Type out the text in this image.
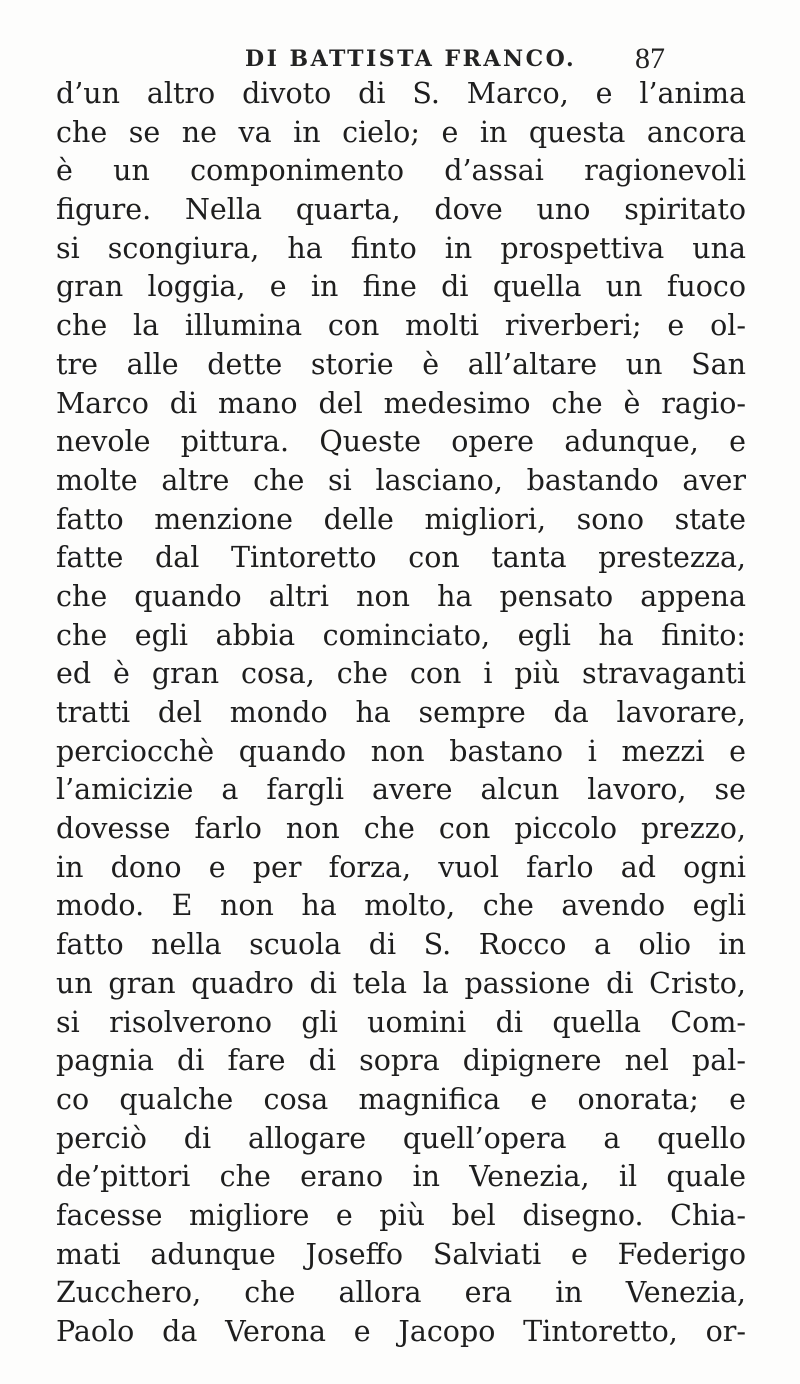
DI BATTISTA FRANCO. 87
d’un altro divoto di S. Marco, e l’anima
che se ne va in cielo; e in questa ancora
è un componimento d’assai ragionevoli
figure. Nella quarta, dove uno spiritato
si scongiura, ha finto in prospettiva una
gran loggia, e in fine di quella un fuoco
che la illumina con molti riverberi; e ol-
tre alle dette storie è all’altare un San
Marco di mano del medesimo che è ragio-
nevole pittura. Queste opere adunque, e
molte altre che si lasciano, bastando aver
fatto menzione delle migliori, sono state
fatte dal Tintoretto con tanta prestezza,
che quando altri non ha pensato appena
che egli abbia cominciato, egli ha finito:
ed è gran cosa, che con i più stravaganti
tratti del mondo ha sempre da lavorare,
perciocchè quando non bastano i mezzi e
l’amicizie a fargli avere alcun lavoro, se
dovesse farlo non che con piccolo prezzo,
in dono e per forza, vuol farlo ad ogni
modo. E non ha molto, che avendo egli
fatto nella scuola di S. Rocco a olio in
un gran quadro di tela la passione di Cristo,
si risolverono gli uomini di quella Com-
pagnia di fare di sopra dipignere nel pal-
co qualche cosa magnifica e onorata; e
perciò di allogare quell’opera a quello
de’pittori che erano in Venezia, il quale
facesse migliore e più bel disegno. Chia-
mati adunque Joseffo Salviati e Federigo
Zucchero, che allora era in Venezia,
Paolo da Verona e Jacopo Tintoretto, or-
